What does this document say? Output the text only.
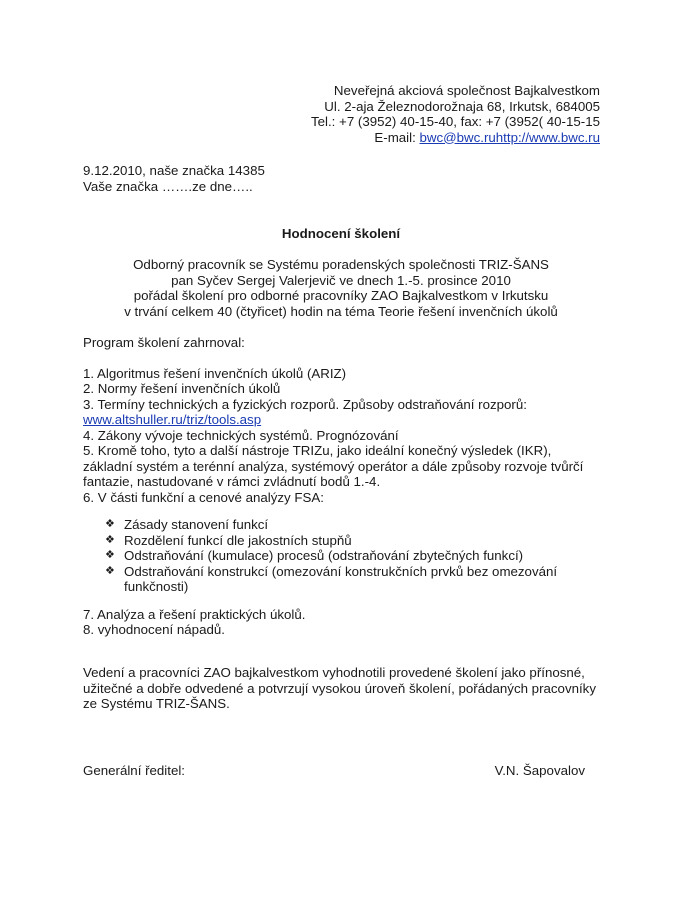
Neveřejná akciová společnost Bajkalvestkom
Ul. 2-aja Železnodorožnaja 68, Irkutsk, 684005
Tel.: +7 (3952) 40-15-40, fax: +7 (3952( 40-15-15
E-mail: bwc@bwc.ruhttp://www.bwc.ru
9.12.2010, naše značka 14385
Vaše značka …….ze dne…..
Hodnocení školení
Odborný pracovník se Systému poradenských společnosti TRIZ-ŠANS
pan Syčev Sergej Valerjevič ve dnech 1.-5. prosince 2010
pořádal školení pro odborné pracovníky ZAO Bajkalvestkom v Irkutsku
v trvání celkem 40 (čtyřicet) hodin na téma Teorie řešení invenčních úkolů
Program školení zahrnoval:
1. Algoritmus řešení invenčních úkolů (ARIZ)
2. Normy řešení invenčních úkolů
3. Termíny technických a fyzických rozporů. Způsoby odstraňování rozporů:
www.altshuller.ru/triz/tools.asp
4. Zákony vývoje technických systémů. Prognózování
5. Kromě toho, tyto a další nástroje TRIZu, jako ideální konečný výsledek (IKR), základní systém a terénní analýza, systémový operátor a dále způsoby rozvoje tvůrčí fantazie, nastudované v rámci zvládnutí bodů 1.-4.
6. V části funkční a cenové analýzy FSA:
❖ Zásady stanovení funkcí
❖ Rozdělení funkcí dle jakostních stupňů
❖ Odstraňování (kumulace) procesů (odstraňování zbytečných funkcí)
❖ Odstraňování konstrukcí (omezování konstrukčních prvků bez omezování funkčnosti)
7. Analýza a řešení praktických úkolů.
8. vyhodnocení nápadů.
Vedení a pracovníci ZAO bajkalvestkom vyhodnotili provedené školení jako přínosné, užitečné a dobře odvedené a potvrzují vysokou úroveň školení, pořádaných pracovníky ze Systému TRIZ-ŠANS.
Generální ředitel:	V.N. Šapovalov
